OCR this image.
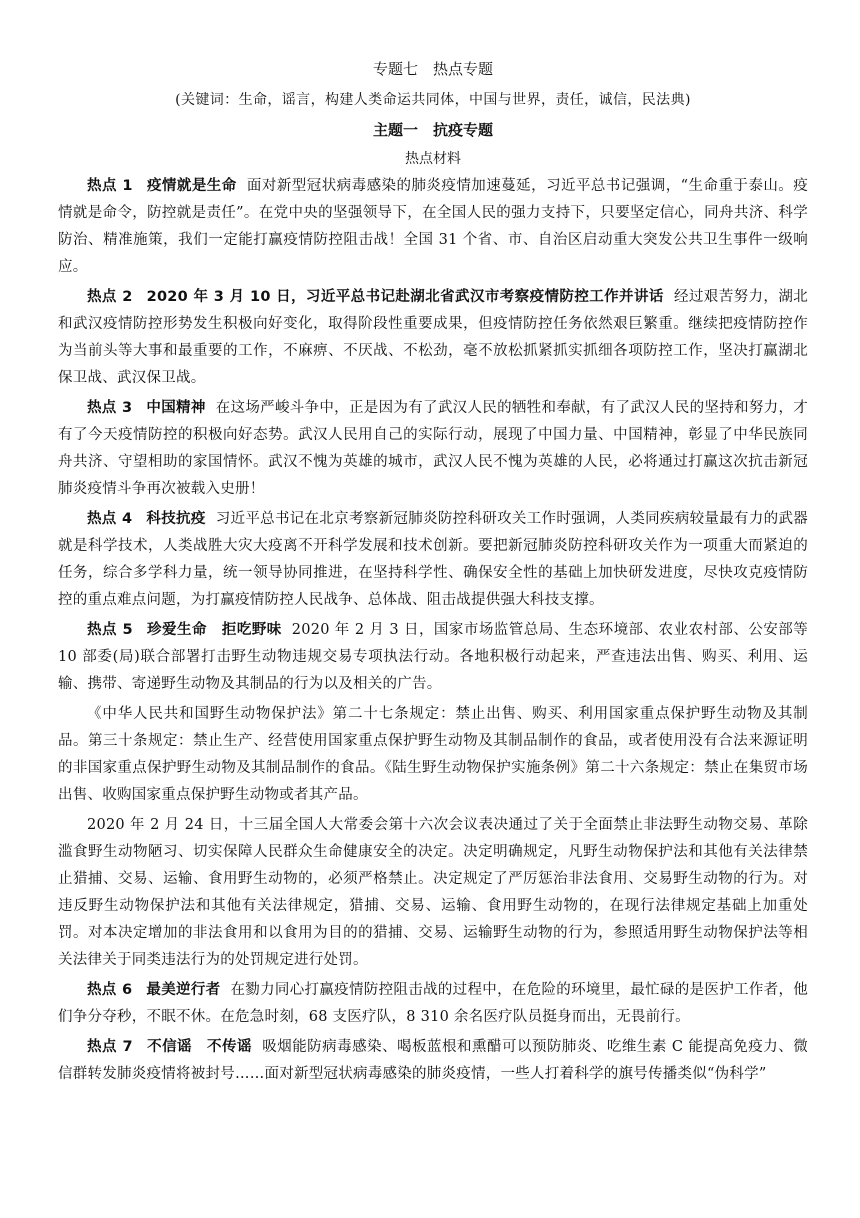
专题七　热点专题
(关键词：生命，谣言，构建人类命运共同体，中国与世界，责任，诚信，民法典)
主题一　抗疫专题
热点材料

热点 1 疫情就是生命 面对新型冠状病毒感染的肺炎疫情加速蔓延，习近平总书记强调，“生命重于泰山。疫情就是命令，防控就是责任”。在党中央的坚强领导下，在全国人民的强力支持下，只要坚定信心，同舟共济、科学防治、精准施策，我们一定能打赢疫情防控阻击战！全国 31 个省、市、自治区启动重大突发公共卫生事件一级响应。

热点 2 2020 年 3 月 10 日，习近平总书记赴湖北省武汉市考察疫情防控工作并讲话 经过艰苦努力，湖北和武汉疫情防控形势发生积极向好变化，取得阶段性重要成果，但疫情防控任务依然艰巨繁重。继续把疫情防控作为当前头等大事和最重要的工作，不麻痹、不厌战、不松劲，毫不放松抓紧抓实抓细各项防控工作，坚决打赢湖北保卫战、武汉保卫战。

热点 3 中国精神 在这场严峻斗争中，正是因为有了武汉人民的牺牲和奉献，有了武汉人民的坚持和努力，才有了今天疫情防控的积极向好态势。武汉人民用自己的实际行动，展现了中国力量、中国精神，彰显了中华民族同舟共济、守望相助的家国情怀。武汉不愧为英雄的城市，武汉人民不愧为英雄的人民，必将通过打赢这次抗击新冠肺炎疫情斗争再次被载入史册！

热点 4 科技抗疫 习近平总书记在北京考察新冠肺炎防控科研攻关工作时强调，人类同疾病较量最有力的武器就是科学技术，人类战胜大灾大疫离不开科学发展和技术创新。要把新冠肺炎防控科研攻关作为一项重大而紧迫的任务，综合多学科力量，统一领导协同推进，在坚持科学性、确保安全性的基础上加快研发进度，尽快攻克疫情防控的重点难点问题，为打赢疫情防控人民战争、总体战、阻击战提供强大科技支撑。

热点 5 珍爱生命　拒吃野味 2020 年 2 月 3 日，国家市场监管总局、生态环境部、农业农村部、公安部等 10 部委(局)联合部署打击野生动物违规交易专项执法行动。各地积极行动起来，严查违法出售、购买、利用、运输、携带、寄递野生动物及其制品的行为以及相关的广告。

《中华人民共和国野生动物保护法》第二十七条规定：禁止出售、购买、利用国家重点保护野生动物及其制品。第三十条规定：禁止生产、经营使用国家重点保护野生动物及其制品制作的食品，或者使用没有合法来源证明的非国家重点保护野生动物及其制品制作的食品。《陆生野生动物保护实施条例》第二十六条规定：禁止在集贸市场出售、收购国家重点保护野生动物或者其产品。

2020 年 2 月 24 日，十三届全国人大常委会第十六次会议表决通过了关于全面禁止非法野生动物交易、革除滥食野生动物陋习、切实保障人民群众生命健康安全的决定。决定明确规定，凡野生动物保护法和其他有关法律禁止猎捕、交易、运输、食用野生动物的，必须严格禁止。决定规定了严厉惩治非法食用、交易野生动物的行为。对违反野生动物保护法和其他有关法律规定，猎捕、交易、运输、食用野生动物的，在现行法律规定基础上加重处罚。对本决定增加的非法食用和以食用为目的的猎捕、交易、运输野生动物的行为，参照适用野生动物保护法等相关法律关于同类违法行为的处罚规定进行处罚。

热点 6 最美逆行者 在勠力同心打赢疫情防控阻击战的过程中，在危险的环境里，最忙碌的是医护工作者，他们争分夺秒，不眠不休。在危急时刻，68 支医疗队，8 310 余名医疗队员挺身而出，无畏前行。

热点 7 不信谣　不传谣 吸烟能防病毒感染、喝板蓝根和熏醋可以预防肺炎、吃维生素 C 能提高免疫力、微信群转发肺炎疫情将被封号……面对新型冠状病毒感染的肺炎疫情，一些人打着科学的旗号传播类似“伪科学”
